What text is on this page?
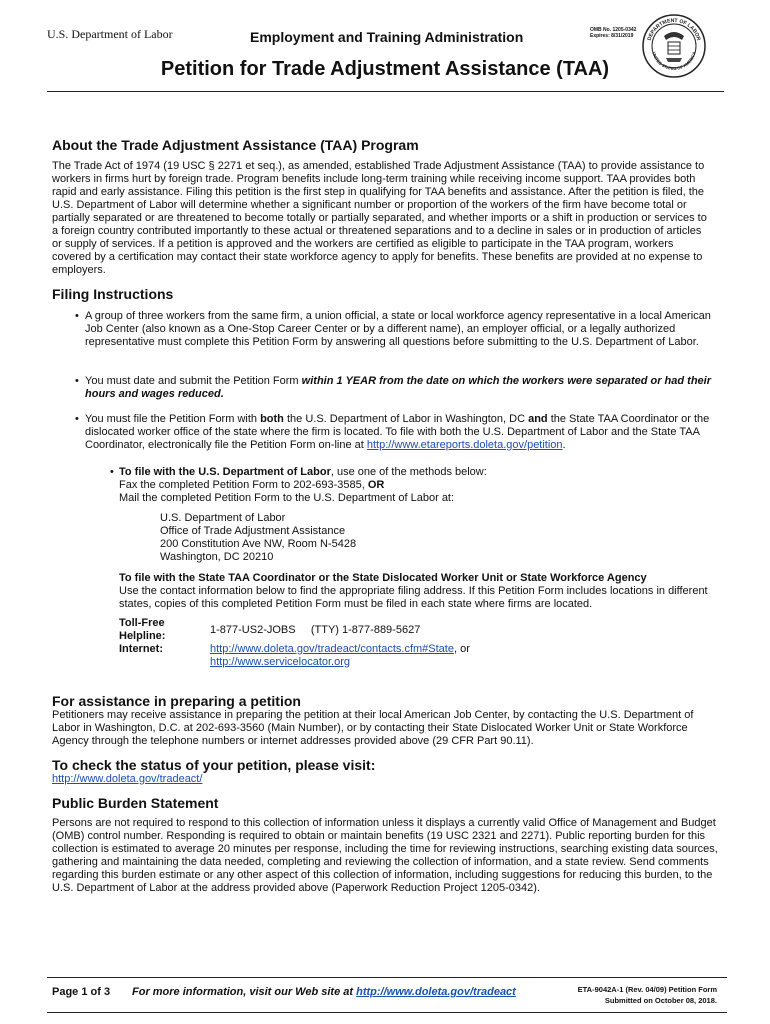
U.S. Department of Labor	Employment and Training Administration	OMB No. 1205-0342
Expires: 8/31/2019	DEPARTMENT OF LABOR
UNITED STATES OF AMERICA
Petition for Trade Adjustment Assistance (TAA)
About the Trade Adjustment Assistance (TAA) Program

The Trade Act of 1974 (19 USC § 2271 et seq.), as amended, established Trade Adjustment Assistance (TAA) to provide assistance to workers in firms hurt by foreign trade. Program benefits include long-term training while receiving income support. TAA provides both rapid and early assistance. Filing this petition is the first step in qualifying for TAA benefits and assistance. After the petition is filed, the U.S. Department of Labor will determine whether a significant number or proportion of the workers of the firm have become total or partially separated or are threatened to become totally or partially separated, and whether imports or a shift in production or services to a foreign country contributed importantly to these actual or threatened separations and to a decline in sales or in production of articles or supply of services. If a petition is approved and the workers are certified as eligible to participate in the TAA program, workers covered by a certification may contact their state workforce agency to apply for benefits. These benefits are provided at no expense to employers.

Filing Instructions
• A group of three workers from the same firm, a union official, a state or local workforce agency representative in a local American Job Center (also known as a One-Stop Career Center or by a different name), an employer official, or a legally authorized representative must complete this Petition Form by answering all questions before submitting to the U.S. Department of Labor.

• You must date and submit the Petition Form within 1 YEAR from the date on which the workers were separated or had their hours and wages reduced.

• You must file the Petition Form with both the U.S. Department of Labor in Washington, DC and the State TAA Coordinator or the dislocated worker office of the state where the firm is located. To file with both the U.S. Department of Labor and the State TAA Coordinator, electronically file the Petition Form on-line at http://www.etareports.doleta.gov/petition.

• To file with the U.S. Department of Labor, use one of the methods below:
Fax the completed Petition Form to 202-693-3585, OR
Mail the completed Petition Form to the U.S. Department of Labor at:
U.S. Department of Labor
Office of Trade Adjustment Assistance
200 Constitution Ave NW, Room N-5428
Washington, DC 20210
To file with the State TAA Coordinator or the State Dislocated Worker Unit or State Workforce Agency
Use the contact information below to find the appropriate filing address. If this Petition Form includes locations in different states, copies of this completed Petition Form must be filed in each state where firms are located.
Toll-Free Helpline:	1-877-US2-JOBS     (TTY) 1-877-889-5627
Internet:	http://www.doleta.gov/tradeact/contacts.cfm#State, or
http://www.servicelocator.org
For assistance in preparing a petition

Petitioners may receive assistance in preparing the petition at their local American Job Center, by contacting the U.S. Department of Labor in Washington, D.C. at 202-693-3560 (Main Number), or by contacting their State Dislocated Worker Unit or State Workforce Agency through the telephone numbers or internet addresses provided above (29 CFR Part 90.11).

To check the status of your petition, please visit:
http://www.doleta.gov/tradeact/
Public Burden Statement

Persons are not required to respond to this collection of information unless it displays a currently valid Office of Management and Budget (OMB) control number. Responding is required to obtain or maintain benefits (19 USC 2321 and 2271). Public reporting burden for this collection is estimated to average 20 minutes per response, including the time for reviewing instructions, searching existing data sources, gathering and maintaining the data needed, completing and reviewing the collection of information, and a state review. Send comments regarding this burden estimate or any other aspect of this collection of information, including suggestions for reducing this burden, to the U.S. Department of Labor at the address provided above (Paperwork Reduction Project 1205-0342).

Page 1 of 3 For more information, visit our Web site at http://www.doleta.gov/tradeact	ETA-9042A-1 (Rev. 04/09) Petition Form
Submitted on October 08, 2018.
